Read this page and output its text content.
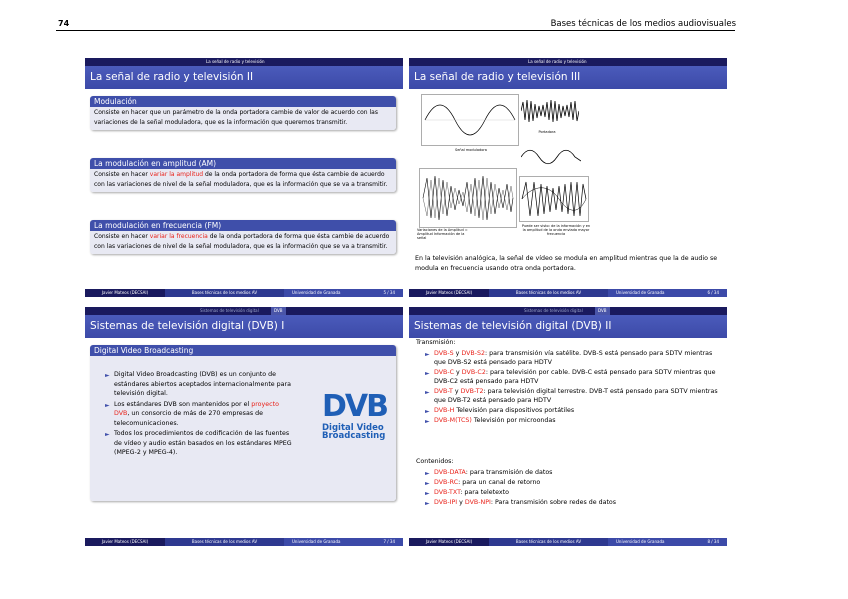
74	Bases técnicas de los medios audiovisuales
La señal de radio y televisión
La señal de radio y televisión II
Modulación
Consiste en hacer que un parámetro de la onda portadora cambie de valor de acuerdo con las variaciones de la señal moduladora, que es la información que queremos transmitir.
La modulación en amplitud (AM)
Consiste en hacer variar la amplitud de la onda portadora de forma que ésta cambie de acuerdo con las variaciones de nivel de la señal moduladora, que es la información que se va a transmitir.
La modulación en frecuencia (FM)
Consiste en hacer variar la frecuencia de la onda portadora de forma que ésta cambie de acuerdo con las variaciones de nivel de la señal moduladora, que es la información que se va a transmitir.
Javier Mateos (DECSAI)	Bases técnicas de los medios AV	Universidad de Granada	5 / 34
La señal de radio y televisión
La señal de radio y televisión III
Señal moduladora
Portadora
Variaciones de la Amplitud = Amplitud Información de la señal
Puede ser visto: de la información y en la amplitud de la onda enviada mayor frecuencia
En la televisión analógica, la señal de vídeo se modula en amplitud mientras que la de audio se modula en frecuencia usando otra onda portadora.
Javier Mateos (DECSAI)	Bases técnicas de los medios AV	Universidad de Granada	6 / 34
Sistemas de televisión digital	DVB
Sistemas de televisión digital (DVB) I
Digital Video Broadcasting
► Digital Video Broadcasting (DVB) es un conjunto de estándares abiertos aceptados internacionalmente para televisión digital.
► Los estándares DVB son mantenidos por el proyecto DVB, un consorcio de más de 270 empresas de telecomunicaciones.
► Todos los procedimientos de codificación de las fuentes de vídeo y audio están basados en los estándares MPEG (MPEG-2 y MPEG-4).
DVB
Digital Video
Broadcasting
Javier Mateos (DECSAI)	Bases técnicas de los medios AV	Universidad de Granada	7 / 34
Sistemas de televisión digital	DVB
Sistemas de televisión digital (DVB) II
Transmisión:
► DVB-S y DVB-S2: para transmisión vía satélite. DVB-S está pensado para SDTV mientras que DVB-S2 está pensado para HDTV
► DVB-C y DVB-C2: para televisión por cable. DVB-C está pensado para SDTV mientras que DVB-C2 está pensado para HDTV
► DVB-T y DVB-T2: para televisión digital terrestre. DVB-T está pensado para SDTV mientras que DVB-T2 está pensado para HDTV
► DVB-H Televisión para dispositivos portátiles
► DVB-M(TCS) Televisión por microondas
Contenidos:
► DVB-DATA: para transmisión de datos
► DVB-RC: para un canal de retorno
► DVB-TXT: para teletexto
► DVB-IPI y DVB-NPI: Para transmisión sobre redes de datos
Javier Mateos (DECSAI)	Bases técnicas de los medios AV	Universidad de Granada	8 / 34
